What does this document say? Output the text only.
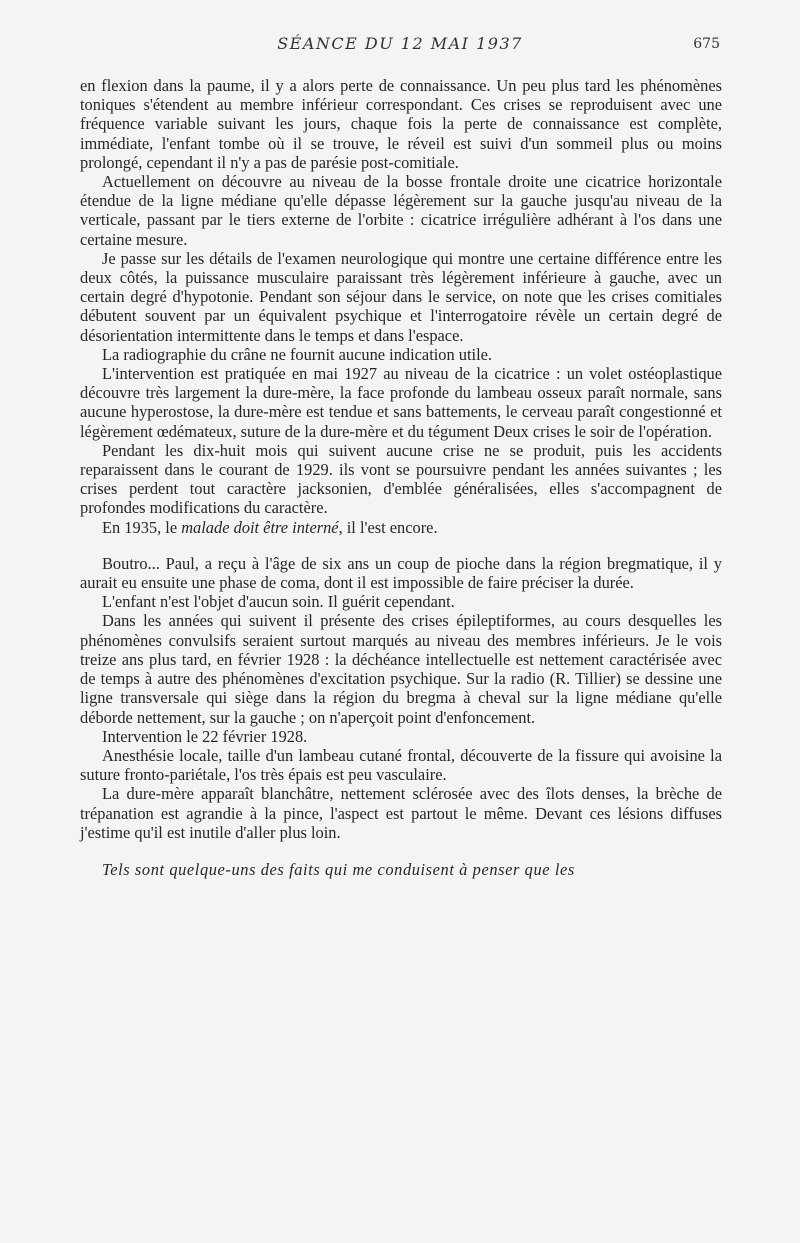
SÉANCE DU 12 MAI 1937	675

en flexion dans la paume, il y a alors perte de connaissance. Un peu plus tard les phénomènes toniques s'étendent au membre inférieur correspondant. Ces crises se reproduisent avec une fréquence variable suivant les jours, chaque fois la perte de connaissance est complète, immédiate, l'enfant tombe où il se trouve, le réveil est suivi d'un sommeil plus ou moins prolongé, cependant il n'y a pas de parésie post-comitiale.

Actuellement on découvre au niveau de la bosse frontale droite une cicatrice horizontale étendue de la ligne médiane qu'elle dépasse légèrement sur la gauche jusqu'au niveau de la verticale, passant par le tiers externe de l'orbite : cicatrice irrégulière adhérant à l'os dans une certaine mesure.

Je passe sur les détails de l'examen neurologique qui montre une certaine différence entre les deux côtés, la puissance musculaire paraissant très légèrement inférieure à gauche, avec un certain degré d'hypotonie. Pendant son séjour dans le service, on note que les crises comitiales débutent souvent par un équivalent psychique et l'interrogatoire révèle un certain degré de désorientation intermittente dans le temps et dans l'espace.

La radiographie du crâne ne fournit aucune indication utile.

L'intervention est pratiquée en mai 1927 au niveau de la cicatrice : un volet ostéoplastique découvre très largement la dure-mère, la face profonde du lambeau osseux paraît normale, sans aucune hyperostose, la dure-mère est tendue et sans battements, le cerveau paraît congestionné et légèrement œdémateux, suture de la dure-mère et du tégument Deux crises le soir de l'opération.

Pendant les dix-huit mois qui suivent aucune crise ne se produit, puis les accidents reparaissent dans le courant de 1929. ils vont se poursuivre pendant les années suivantes ; les crises perdent tout caractère jacksonien, d'emblée généralisées, elles s'accompagnent de profondes modifications du caractère.

En 1935, le malade doit être interné, il l'est encore.

Boutro... Paul, a reçu à l'âge de six ans un coup de pioche dans la région bregmatique, il y aurait eu ensuite une phase de coma, dont il est impossible de faire préciser la durée.

L'enfant n'est l'objet d'aucun soin. Il guérit cependant.

Dans les années qui suivent il présente des crises épileptiformes, au cours desquelles les phénomènes convulsifs seraient surtout marqués au niveau des membres inférieurs. Je le vois treize ans plus tard, en février 1928 : la déchéance intellectuelle est nettement caractérisée avec de temps à autre des phénomènes d'excitation psychique. Sur la radio (R. Tillier) se dessine une ligne transversale qui siège dans la région du bregma à cheval sur la ligne médiane qu'elle déborde nettement, sur la gauche ; on n'aperçoit point d'enfoncement.

Intervention le 22 février 1928.

Anesthésie locale, taille d'un lambeau cutané frontal, découverte de la fissure qui avoisine la suture fronto-pariétale, l'os très épais est peu vasculaire.

La dure-mère apparaît blanchâtre, nettement sclérosée avec des îlots denses, la brèche de trépanation est agrandie à la pince, l'aspect est partout le même. Devant ces lésions diffuses j'estime qu'il est inutile d'aller plus loin.

Tels sont quelque-uns des faits qui me conduisent à penser que les
